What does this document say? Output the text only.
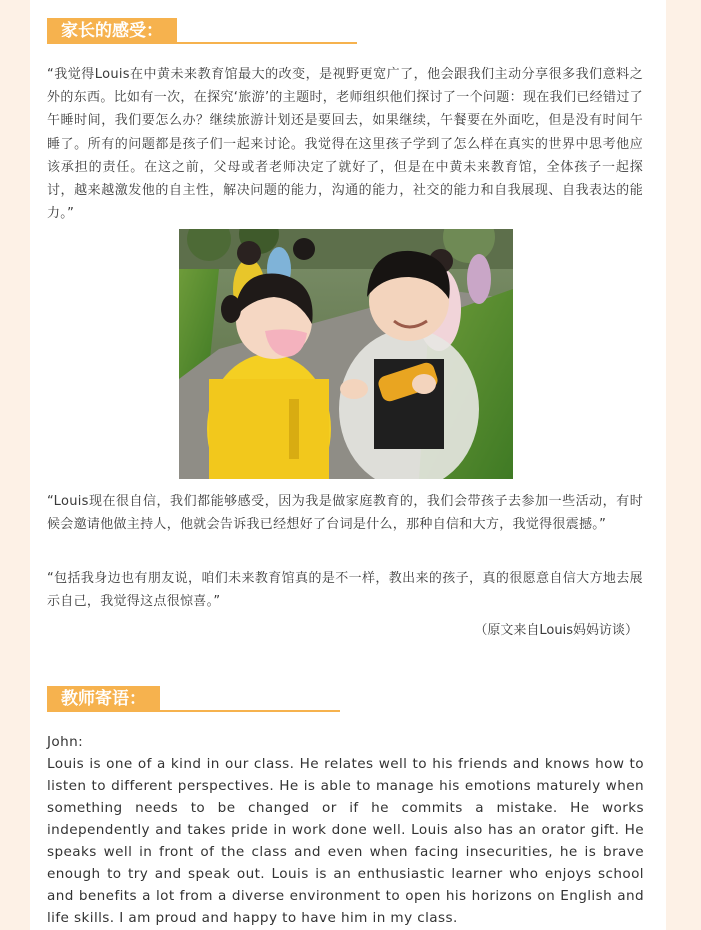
家长的感受：

“我觉得Louis在中黄未来教育馆最大的改变，是视野更宽广了，他会跟我们主动分享很多我们意料之外的东西。比如有一次，在探究‘旅游’的主题时，老师组织他们探讨了一个问题：现在我们已经错过了午睡时间，我们要怎么办？继续旅游计划还是要回去，如果继续，午餐要在外面吃，但是没有时间午睡了。所有的问题都是孩子们一起来讨论。我觉得在这里孩子学到了怎么样在真实的世界中思考他应该承担的责任。在这之前，父母或者老师决定了就好了，但是在中黄未来教育馆，全体孩子一起探讨，越来越激发他的自主性，解决问题的能力，沟通的能力，社交的能力和自我展现、自我表达的能力。”

“Louis现在很自信，我们都能够感受，因为我是做家庭教育的，我们会带孩子去参加一些活动，有时候会邀请他做主持人，他就会告诉我已经想好了台词是什么，那种自信和大方，我觉得很震撼。”

“包括我身边也有朋友说，咱们未来教育馆真的是不一样，教出来的孩子，真的很愿意自信大方地去展示自己，我觉得这点很惊喜。”

（原文来自Louis妈妈访谈）
教师寄语：

John:
Louis is one of a kind in our class. He relates well to his friends and knows how to listen to different perspectives. He is able to manage his emotions maturely when something needs to be changed or if he commits a mistake. He works independently and takes pride in work done well. Louis also has an orator gift. He speaks well in front of the class and even when facing insecurities, he is brave enough to try and speak out. Louis is an enthusiastic learner who enjoys school and benefits a lot from a diverse environment to open his horizons on English and life skills. I am proud and happy to have him in my class.
